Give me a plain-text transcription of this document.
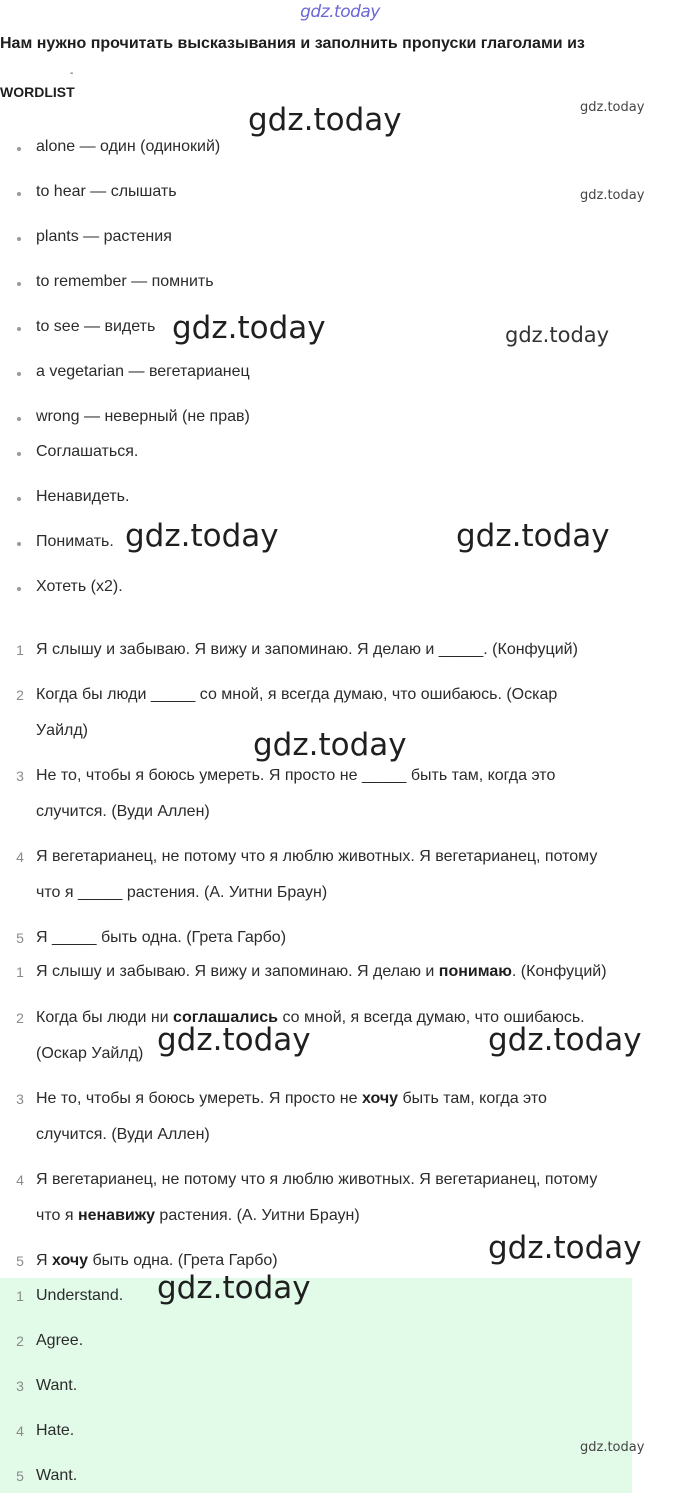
gdz.today
Нам нужно прочитать высказывания и заполнить пропуски глаголами из
-
WORDLIST
alone — один (одинокий)
to hear — слышать
plants — растения
to remember — помнить
to see — видеть
a vegetarian — вегетарианец
wrong — неверный (не прав)
Соглашаться.
Ненавидеть.
Понимать.
Хотеть (x2).
1 Я слышу и забываю. Я вижу и запоминаю. Я делаю и _____. (Конфуций)
2 Когда бы люди _____ со мной, я всегда думаю, что ошибаюсь. (Оскар
Уайлд)
3 Не то, чтобы я боюсь умереть. Я просто не _____ быть там, когда это
случится. (Вуди Аллен)
4 Я вегетарианец, не потому что я люблю животных. Я вегетарианец, потому
что я _____ растения. (А. Уитни Браун)
5 Я _____ быть одна. (Грета Гарбо)
1 Я слышу и забываю. Я вижу и запоминаю. Я делаю и понимаю. (Конфуций)
2 Когда бы люди ни соглашались со мной, я всегда думаю, что ошибаюсь.
(Оскар Уайлд)
3 Не то, чтобы я боюсь умереть. Я просто не хочу быть там, когда это
случится. (Вуди Аллен)
4 Я вегетарианец, не потому что я люблю животных. Я вегетарианец, потому
что я ненавижу растения. (А. Уитни Браун)
5 Я хочу быть одна. (Грета Гарбо)
1 Understand.
2 Agree.
3 Want.
4 Hate.
5 Want.
gdz.today	gdz.today
gdz.today
gdz.today	gdz.today
gdz.today	gdz.today
gdz.today
gdz.today	gdz.today
gdz.today
gdz.today
gdz.today
